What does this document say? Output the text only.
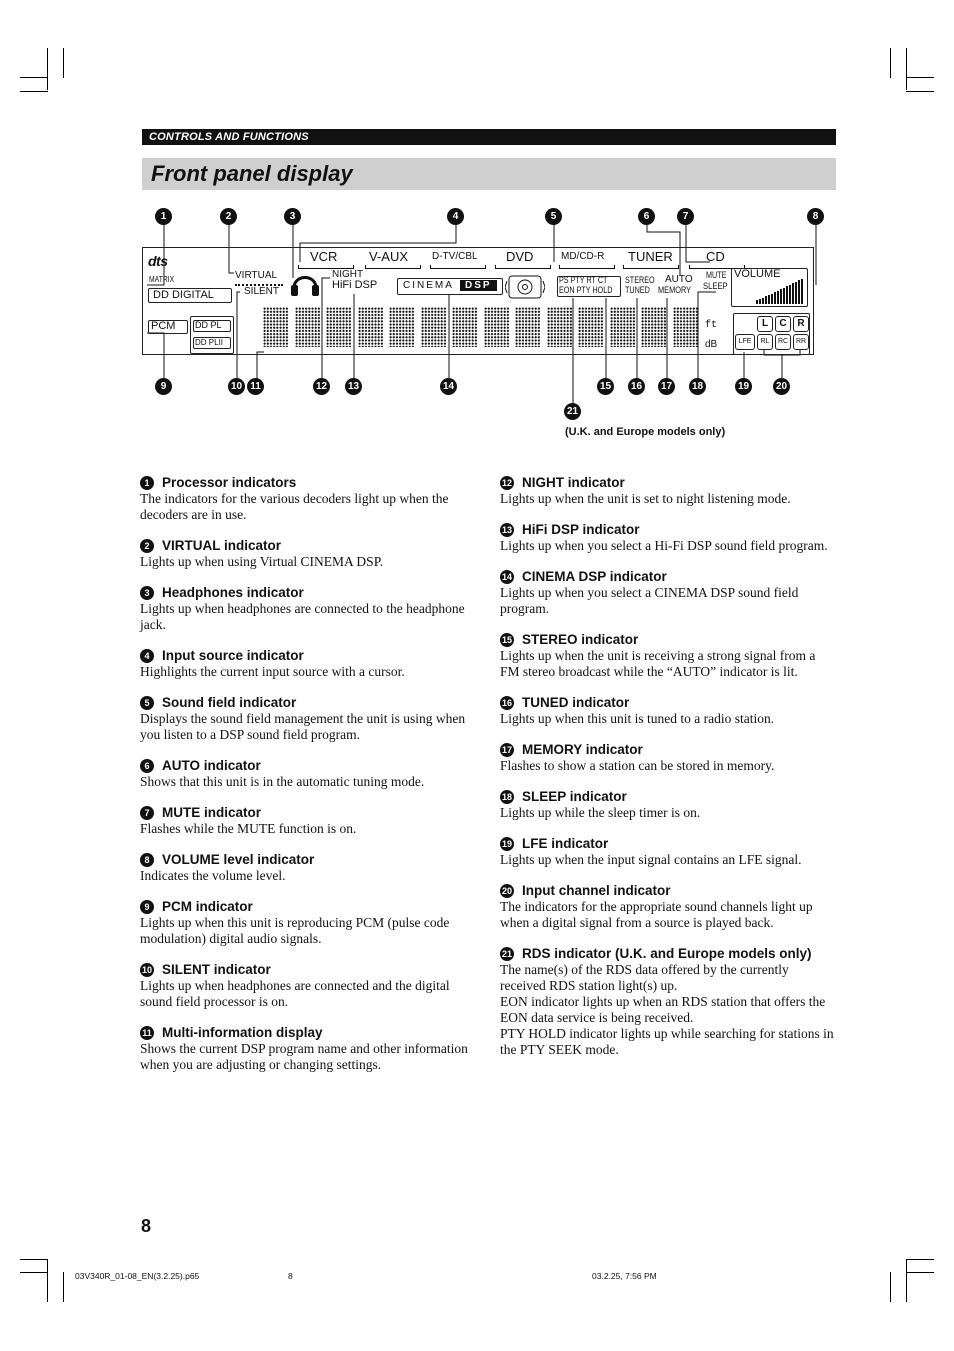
CONTROLS AND FUNCTIONS
Front panel display
1	2	3	4	5	6	7	8
9	10 11	12 13	14	15 16 17 18	19	20
21
dts
MATRIX
DD DIGITAL
VIRTUAL
SILENT
PCM DD PL
DD PLII
NIGHT
HiFi DSP	CINEMA	DSP
VCR V-AUX D-TV/CBL DVD	MD/CD-R TUNER	CD
PS PTY RT CT
EON PTY HOLD
STEREO
TUNED
AUTO
MEMORY
MUTE
SLEEP
VOLUME
ft
dB
L	C	R
LFE	RL	RC	RR
(U.K. and Europe models only)
1 Processor indicators
The indicators for the various decoders light up when the decoders are in use.
2 VIRTUAL indicator
Lights up when using Virtual CINEMA DSP.
3 Headphones indicator
Lights up when headphones are connected to the headphone jack.
4 Input source indicator
Highlights the current input source with a cursor.
5 Sound field indicator
Displays the sound field management the unit is using when you listen to a DSP sound field program.
6 AUTO indicator
Shows that this unit is in the automatic tuning mode.
7 MUTE indicator
Flashes while the MUTE function is on.
8 VOLUME level indicator
Indicates the volume level.
9 PCM indicator
Lights up when this unit is reproducing PCM (pulse code modulation) digital audio signals.
10 SILENT indicator
Lights up when headphones are connected and the digital sound field processor is on.
11 Multi-information display
Shows the current DSP program name and other information when you are adjusting or changing settings.
12 NIGHT indicator
Lights up when the unit is set to night listening mode.
13 HiFi DSP indicator
Lights up when you select a Hi-Fi DSP sound field program.
14 CINEMA DSP indicator
Lights up when you select a CINEMA DSP sound field program.
15 STEREO indicator
Lights up when the unit is receiving a strong signal from a FM stereo broadcast while the “AUTO” indicator is lit.
16 TUNED indicator
Lights up when this unit is tuned to a radio station.
17 MEMORY indicator
Flashes to show a station can be stored in memory.
18 SLEEP indicator
Lights up while the sleep timer is on.
19 LFE indicator
Lights up when the input signal contains an LFE signal.
20 Input channel indicator
The indicators for the appropriate sound channels light up when a digital signal from a source is played back.
21 RDS indicator (U.K. and Europe models only)
The name(s) of the RDS data offered by the currently received RDS station light(s) up.
EON indicator lights up when an RDS station that offers the EON data service is being received.
PTY HOLD indicator lights up while searching for stations in the PTY SEEK mode.
8
03V340R_01-08_EN(3.2.25).p65	8	03.2.25, 7:56 PM
